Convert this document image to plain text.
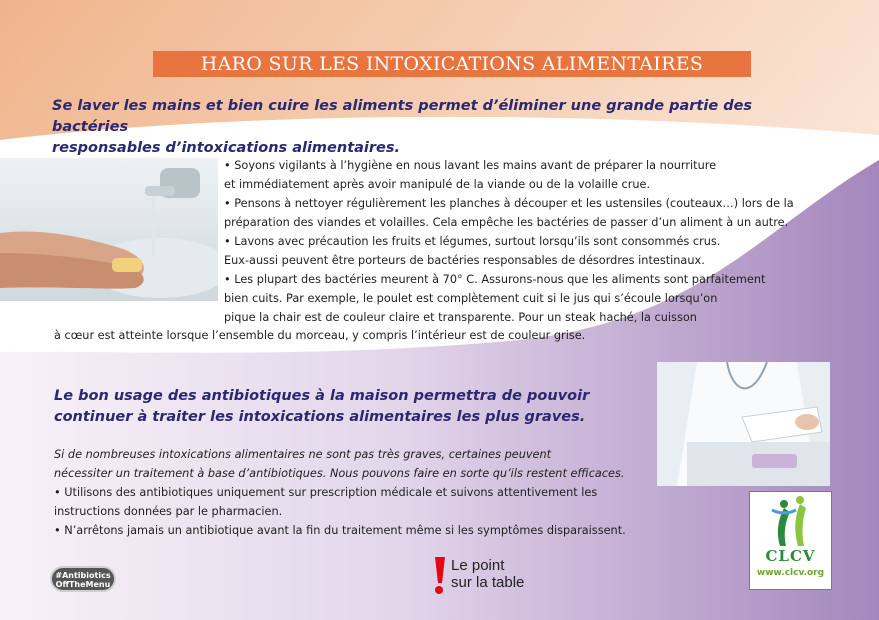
HARO SUR LES INTOXICATIONS ALIMENTAIRES
Se laver les mains et bien cuire les aliments permet d’éliminer une grande partie des bactéries
responsables d’intoxications alimentaires.
• Soyons vigilants à l’hygiène en nous lavant les mains avant de préparer la nourriture
et immédiatement après avoir manipulé de la viande ou de la volaille crue.
• Pensons à nettoyer régulièrement les planches à découper et les ustensiles (couteaux…) lors de la
préparation des viandes et volailles. Cela empêche les bactéries de passer d’un aliment à un autre.
• Lavons avec précaution les fruits et légumes, surtout lorsqu’ils sont consommés crus.
Eux-aussi peuvent être porteurs de bactéries responsables de désordres intestinaux.
• Les plupart des bactéries meurent à 70° C. Assurons-nous que les aliments sont parfaitement
bien cuits. Par exemple, le poulet est complètement cuit si le jus qui s’écoule lorsqu’on
pique la chair est de couleur claire et transparente. Pour un steak haché, la cuisson
à cœur est atteinte lorsque l’ensemble du morceau, y compris l’intérieur est de couleur grise.
Le bon usage des antibiotiques à la maison permettra de pouvoir
continuer à traiter les intoxications alimentaires les plus graves.
Si de nombreuses intoxications alimentaires ne sont pas très graves, certaines peuvent
nécessiter un traitement à base d’antibiotiques. Nous pouvons faire en sorte qu’ils restent efficaces.
• Utilisons des antibiotiques uniquement sur prescription médicale et suivons attentivement les
instructions données par le pharmacien.
• N’arrêtons jamais un antibiotique avant la fin du traitement même si les symptômes disparaissent.
CLCV
www.clcv.org
#Antibiotics
OffTheMenu
Le point
sur la table
